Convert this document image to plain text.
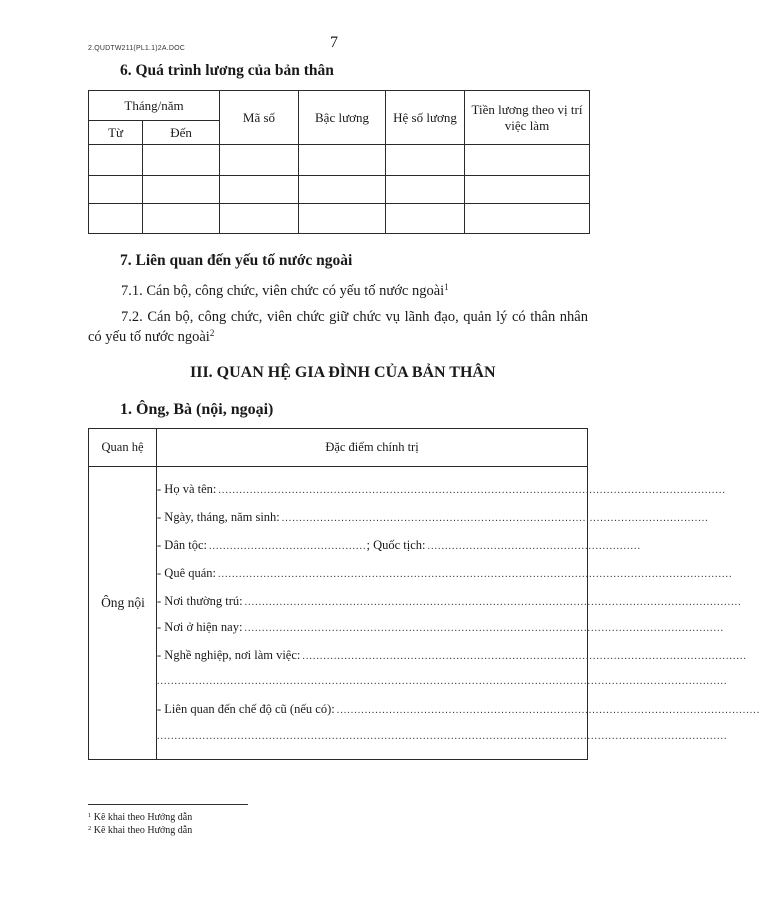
2.QUDTW211(PL1.1)2A.DOC	7
6. Quá trình lương của bản thân
Tháng/năm		Mã số	Bậc lương	Hệ số lương	Tiền lương theo vị trí việc làm
Từ	Đến				

7. Liên quan đến yếu tố nước ngoài
7.1. Cán bộ, công chức, viên chức có yếu tố nước ngoài$^1$
7.2. Cán bộ, công chức, viên chức giữ chức vụ lãnh đạo, quản lý có thân nhân có yếu tố nước ngoài$^2$
III. QUAN HỆ GIA ĐÌNH CỦA BẢN THÂN
1. Ông, Bà (nội, ngoại)
Quan hệ	Đặc điểm chính trị

Ông nội
- Họ và tên: .................................................................................................................................................
- Ngày, tháng, năm sinh: ..........................................................................................................................
- Dân tộc: .............................................; Quốc tịch: .............................................................
- Quê quán: ...................................................................................................................................................
- Nơi thường trú: ..............................................................................................................................................
- Nơi ở hiện nay: .........................................................................................................................................
- Nghề nghiệp, nơi làm việc: ...............................................................................................................................
...................................................................................................................................................................
- Liên quan đến chế độ cũ (nếu có): .........................................................................................................................
...................................................................................................................................................................
$^1$ Kê khai theo Hướng dẫn
$^2$ Kê khai theo Hướng dẫn
